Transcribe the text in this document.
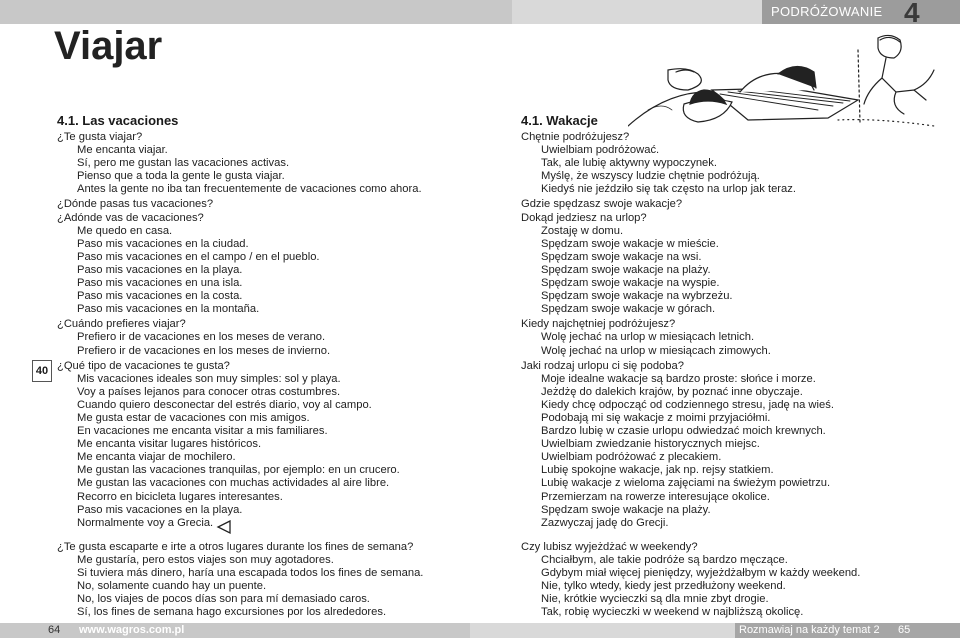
PODRÓŻOWANIE 4
Viajar

4.1. Las vacaciones

¿Te gusta viajar?

Me encanta viajar.

Sí, pero me gustan las vacaciones activas.

Pienso que a toda la gente le gusta viajar.

Antes la gente no iba tan frecuentemente de vacaciones como ahora.

¿Dónde pasas tus vacaciones?

¿Adónde vas de vacaciones?

Me quedo en casa.

Paso mis vacaciones en la ciudad.

Paso mis vacaciones en el campo / en el pueblo.

Paso mis vacaciones en la playa.

Paso mis vacaciones en una isla.

Paso mis vacaciones en la costa.

Paso mis vacaciones en la montaña.

¿Cuándo prefieres viajar?

Prefiero ir de vacaciones en los meses de verano.

Prefiero ir de vacaciones en los meses de invierno.

¿Qué tipo de vacaciones te gusta?

Mis vacaciones ideales son muy simples: sol y playa.

Voy a países lejanos para conocer otras costumbres.

Cuando quiero desconectar del estrés diario, voy al campo.

Me gusta estar de vacaciones con mis amigos.

En vacaciones me encanta visitar a mis familiares.

Me encanta visitar lugares históricos.

Me encanta viajar de mochilero.

Me gustan las vacaciones tranquilas, por ejemplo: en un crucero.

Me gustan las vacaciones con muchas actividades al aire libre.

Recorro en bicicleta lugares interesantes.

Paso mis vacaciones en la playa.

Normalmente voy a Grecia.

¿Te gusta escaparte e irte a otros lugares durante los fines de semana?

Me gustaría, pero estos viajes son muy agotadores.

Si tuviera más dinero, haría una escapada todos los fines de semana.

No, solamente cuando hay un puente.

No, los viajes de pocos días son para mí demasiado caros.

Sí, los fines de semana hago excursiones por los alrededores.

4.1. Wakacje

Chętnie podróżujesz?

Uwielbiam podróżować.

Tak, ale lubię aktywny wypoczynek.

Myślę, że wszyscy ludzie chętnie podróżują.

Kiedyś nie jeździło się tak często na urlop jak teraz.

Gdzie spędzasz swoje wakacje?

Dokąd jedziesz na urlop?

Zostaję w domu.

Spędzam swoje wakacje w mieście.

Spędzam swoje wakacje na wsi.

Spędzam swoje wakacje na plaży.

Spędzam swoje wakacje na wyspie.

Spędzam swoje wakacje na wybrzeżu.

Spędzam swoje wakacje w górach.

Kiedy najchętniej podróżujesz?

Wolę jechać na urlop w miesiącach letnich.

Wolę jechać na urlop w miesiącach zimowych.

Jaki rodzaj urlopu ci się podoba?

Moje idealne wakacje są bardzo proste: słońce i morze.

Jeżdżę do dalekich krajów, by poznać inne obyczaje.

Kiedy chcę odpocząć od codziennego stresu, jadę na wieś.

Podobają mi się wakacje z moimi przyjaciółmi.

Bardzo lubię w czasie urlopu odwiedzać moich krewnych.

Uwielbiam zwiedzanie historycznych miejsc.

Uwielbiam podróżować z plecakiem.

Lubię spokojne wakacje, jak np. rejsy statkiem.

Lubię wakacje z wieloma zajęciami na świeżym powietrzu.

Przemierzam na rowerze interesujące okolice.

Spędzam swoje wakacje na plaży.

Zazwyczaj jadę do Grecji.

Czy lubisz wyjeżdżać w weekendy?

Chciałbym, ale takie podróże są bardzo męczące.

Gdybym miał więcej pieniędzy, wyjeżdżałbym w każdy weekend.

Nie, tylko wtedy, kiedy jest przedłużony weekend.

Nie, krótkie wycieczki są dla mnie zbyt drogie.

Tak, robię wycieczki w weekend w najbliższą okolicę.

40
64 www.wagros.com.pl	Rozmawiaj na każdy temat 2 65
